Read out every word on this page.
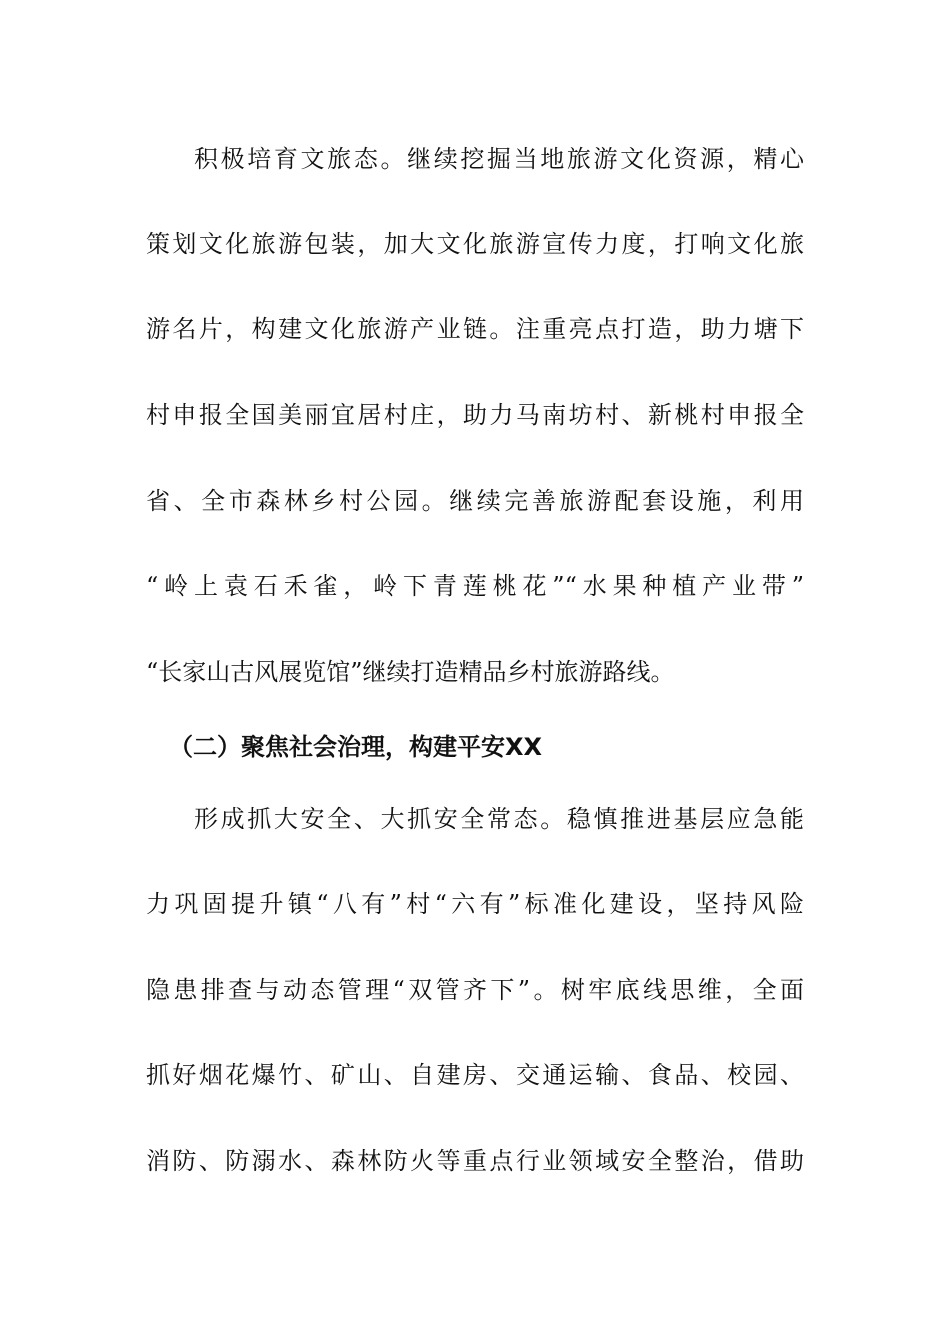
积极培育文旅态。继续挖掘当地旅游文化资源，精心
策划文化旅游包装，加大文化旅游宣传力度，打响文化旅
游名片，构建文化旅游产业链。注重亮点打造，助力塘下
村申报全国美丽宜居村庄，助力马南坊村、新桃村申报全
省、全市森林乡村公园。继续完善旅游配套设施，利用
“岭上袁石禾雀，岭下青莲桃花”“水果种植产业带”
“长家山古风展览馆”继续打造精品乡村旅游路线。
（二）聚焦社会治理，构建平安XX
形成抓大安全、大抓安全常态。稳慎推进基层应急能
力巩固提升镇“八有”村“六有”标准化建设，坚持风险
隐患排查与动态管理“双管齐下”。树牢底线思维，全面
抓好烟花爆竹、矿山、自建房、交通运输、食品、校园、
消防、防溺水、森林防火等重点行业领域安全整治，借助
